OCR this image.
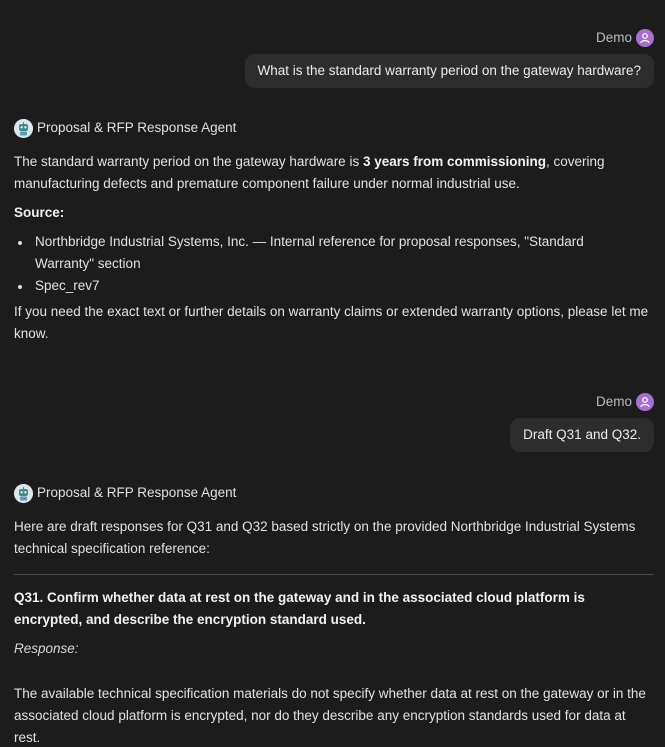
Demo
What is the standard warranty period on the gateway hardware?
Proposal & RFP Response Agent
The standard warranty period on the gateway hardware is 3 years from commissioning, covering manufacturing defects and premature component failure under normal industrial use.
Source:
Northbridge Industrial Systems, Inc. — Internal reference for proposal responses, "Standard Warranty" section
Spec_rev7
If you need the exact text or further details on warranty claims or extended warranty options, please let me know.
Demo
Draft Q31 and Q32.
Proposal & RFP Response Agent
Here are draft responses for Q31 and Q32 based strictly on the provided Northbridge Industrial Systems technical specification reference:
Q31. Confirm whether data at rest on the gateway and in the associated cloud platform is encrypted, and describe the encryption standard used.
Response:
The available technical specification materials do not specify whether data at rest on the gateway or in the associated cloud platform is encrypted, nor do they describe any encryption standards used for data at rest.
